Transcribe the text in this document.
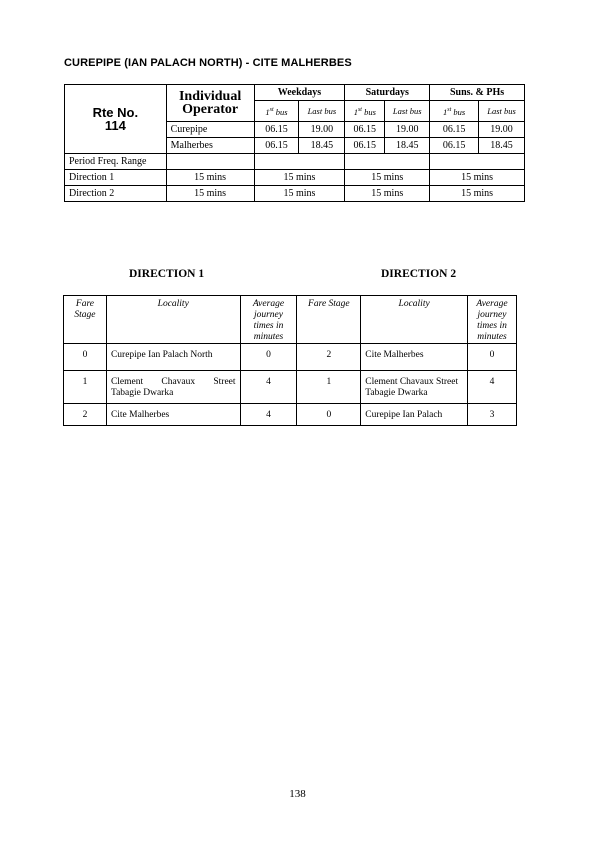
CUREPIPE (IAN PALACH NORTH) - CITE MALHERBES
Rte No.
114	Individual Operator	Weekdays		Saturdays		Suns. & PHs	
		1st bus	Last bus	1st bus	Last bus	1st bus	Last bus
	Curepipe	06.15	19.00	06.15	19.00	06.15	19.00
	Malherbes	06.15	18.45	06.15	18.45	06.15	18.45
Period Freq. Range							
Direction 1	15 mins	15 mins		15 mins		15 mins	
Direction 2	15 mins	15 mins		15 mins		15 mins	
DIRECTION 1	DIRECTION 2
Fare Stage	Locality	Average journey times in minutes	Fare Stage	Locality	Average journey times in minutes
0	Curepipe Ian Palach North	0	2	Cite Malherbes	0
1	Clement Chavaux Street Tabagie Dwarka	4	1	Clement Chavaux Street Tabagie Dwarka	4
2	Cite Malherbes	4	0	Curepipe Ian Palach	3
138
